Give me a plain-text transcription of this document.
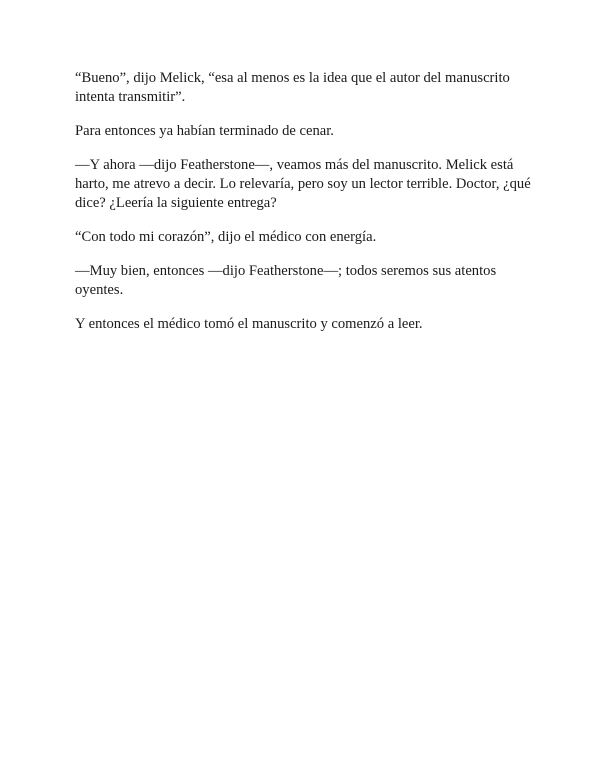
“Bueno”, dijo Melick, “esa al menos es la idea que el autor del manuscrito intenta transmitir”.

Para entonces ya habían terminado de cenar.

—Y ahora —dijo Featherstone—, veamos más del manuscrito. Melick está harto, me atrevo a decir. Lo relevaría, pero soy un lector terrible. Doctor, ¿qué dice? ¿Leería la siguiente entrega?

“Con todo mi corazón”, dijo el médico con energía.

—Muy bien, entonces —dijo Featherstone—; todos seremos sus atentos oyentes.

Y entonces el médico tomó el manuscrito y comenzó a leer.
